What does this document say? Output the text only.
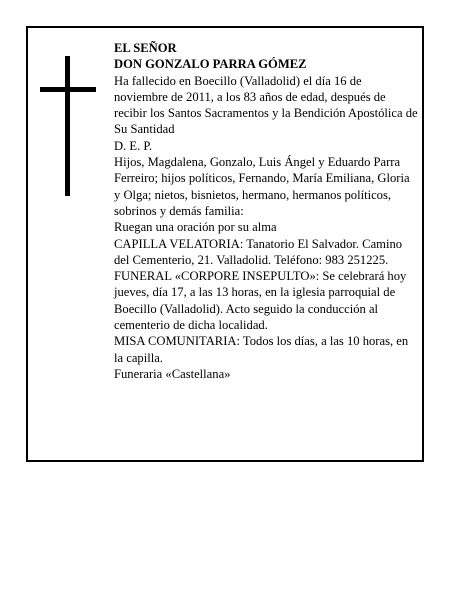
EL SEÑOR

DON GONZALO PARRA GÓMEZ

Ha fallecido en Boecillo (Valladolid) el día 16 de noviembre de 2011, a los 83 años de edad, después de recibir los Santos Sacramentos y la Bendición Apostólica de Su Santidad

D. E. P.

Hijos, Magdalena, Gonzalo, Luis Ángel y Eduardo Parra Ferreiro; hijos políticos, Fernando, María Emiliana, Gloria y Olga; nietos, bisnietos, hermano, hermanos políticos, sobrinos y demás familia:

Ruegan una oración por su alma

CAPILLA VELATORIA: Tanatorio El Salvador. Camino del Cementerio, 21. Valladolid. Teléfono: 983 251225.

FUNERAL «CORPORE INSEPULTO»: Se celebrará hoy jueves, día 17, a las 13 horas, en la iglesia parroquial de Boecillo (Valladolid). Acto seguido la conducción al cementerio de dicha localidad.

MISA COMUNITARIA: Todos los días, a las 10 horas, en la capilla.

Funeraria «Castellana»
